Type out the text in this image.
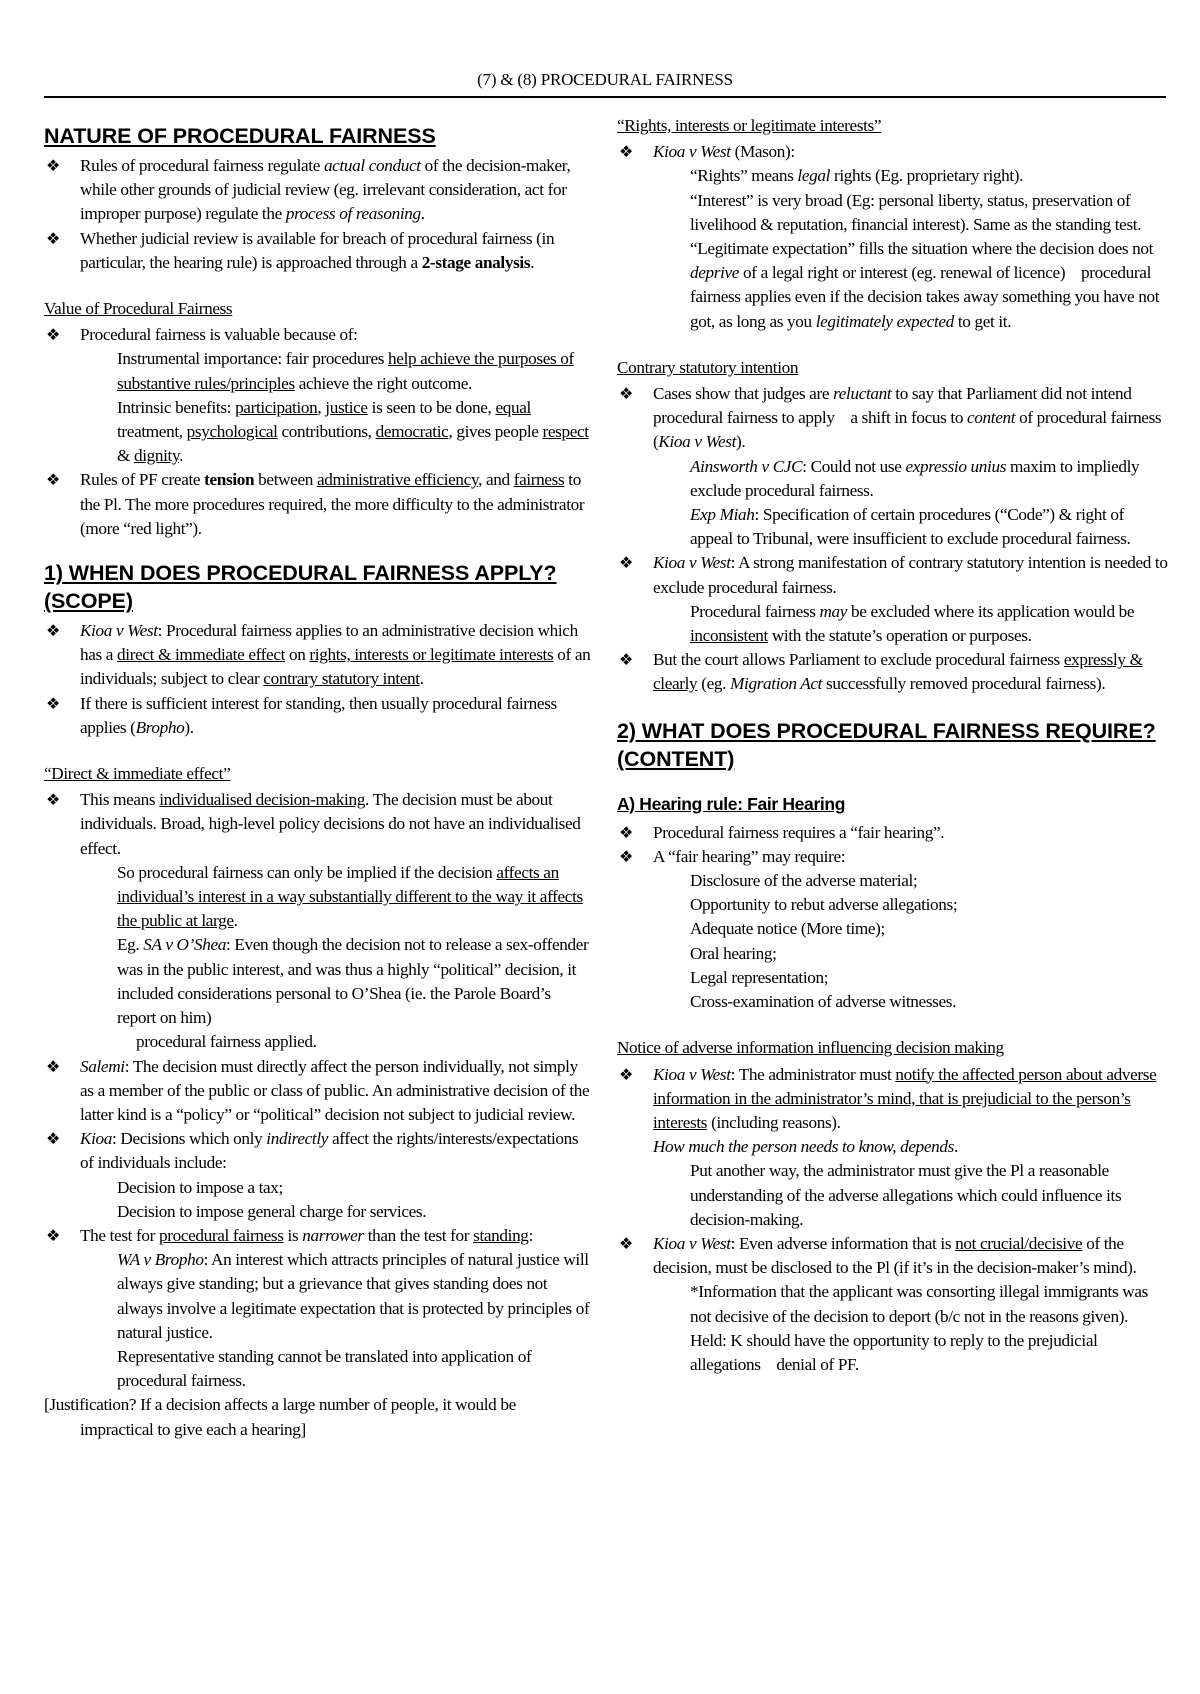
(7) & (8) PROCEDURAL FAIRNESS
NATURE OF PROCEDURAL FAIRNESS
❖ Rules of procedural fairness regulate actual conduct of the decision-maker, while other grounds of judicial review (eg. irrelevant consideration, act for improper purpose) regulate the process of reasoning.
❖ Whether judicial review is available for breach of procedural fairness (in particular, the hearing rule) is approached through a 2-stage analysis.
Value of Procedural Fairness
❖ Procedural fairness is valuable because of:
Instrumental importance: fair procedures help achieve the purposes of substantive rules/principles achieve the right outcome.
Intrinsic benefits: participation, justice is seen to be done, equal treatment, psychological contributions, democratic, gives people respect & dignity.
❖ Rules of PF create tension between administrative efficiency, and fairness to the Pl. The more procedures required, the more difficulty to the administrator (more “red light”).
1) WHEN DOES PROCEDURAL FAIRNESS APPLY? (SCOPE)
❖ Kioa v West: Procedural fairness applies to an administrative decision which has a direct & immediate effect on rights, interests or legitimate interests of an individuals; subject to clear contrary statutory intent.
❖ If there is sufficient interest for standing, then usually procedural fairness applies (Bropho).
“Direct & immediate effect”
❖ This means individualised decision-making. The decision must be about individuals. Broad, high-level policy decisions do not have an individualised effect.
So procedural fairness can only be implied if the decision affects an individual’s interest in a way substantially different to the way it affects the public at large.
Eg. SA v O’Shea: Even though the decision not to release a sex-offender was in the public interest, and was thus a highly “political” decision, it included considerations personal to O’Shea (ie. the Parole Board’s report on him)
procedural fairness applied.
❖ Salemi: The decision must directly affect the person individually, not simply as a member of the public or class of public. An administrative decision of the latter kind is a “policy” or “political” decision not subject to judicial review.
❖ Kioa: Decisions which only indirectly affect the rights/interests/expectations of individuals include:
Decision to impose a tax;
Decision to impose general charge for services.
❖ The test for procedural fairness is narrower than the test for standing:
WA v Bropho: An interest which attracts principles of natural justice will always give standing; but a grievance that gives standing does not always involve a legitimate expectation that is protected by principles of natural justice.
Representative standing cannot be translated into application of procedural fairness.
[Justification? If a decision affects a large number of people, it would be impractical to give each a hearing]
“Rights, interests or legitimate interests”
❖ Kioa v West (Mason):
“Rights” means legal rights (Eg. proprietary right).
“Interest” is very broad (Eg: personal liberty, status, preservation of livelihood & reputation, financial interest). Same as the standing test.
“Legitimate expectation” fills the situation where the decision does not deprive of a legal right or interest (eg. renewal of licence) procedural fairness applies even if the decision takes away something you have not got, as long as you legitimately expected to get it.
Contrary statutory intention
❖ Cases show that judges are reluctant to say that Parliament did not intend procedural fairness to apply a shift in focus to content of procedural fairness (Kioa v West).
Ainsworth v CJC: Could not use expressio unius maxim to impliedly exclude procedural fairness.
Exp Miah: Specification of certain procedures (“Code”) & right of appeal to Tribunal, were insufficient to exclude procedural fairness.
❖ Kioa v West: A strong manifestation of contrary statutory intention is needed to exclude procedural fairness.
Procedural fairness may be excluded where its application would be inconsistent with the statute’s operation or purposes.
❖ But the court allows Parliament to exclude procedural fairness expressly & clearly (eg. Migration Act successfully removed procedural fairness).
2) WHAT DOES PROCEDURAL FAIRNESS REQUIRE? (CONTENT)
A) Hearing rule: Fair Hearing
❖ Procedural fairness requires a “fair hearing”.
❖ A “fair hearing” may require:
Disclosure of the adverse material;
Opportunity to rebut adverse allegations;
Adequate notice (More time);
Oral hearing;
Legal representation;
Cross-examination of adverse witnesses.
Notice of adverse information influencing decision making
❖ Kioa v West: The administrator must notify the affected person about adverse information in the administrator’s mind, that is prejudicial to the person’s interests (including reasons).
How much the person needs to know, depends.
Put another way, the administrator must give the Pl a reasonable understanding of the adverse allegations which could influence its decision-making.
❖ Kioa v West: Even adverse information that is not crucial/decisive of the decision, must be disclosed to the Pl (if it’s in the decision-maker’s mind).
*Information that the applicant was consorting illegal immigrants was not decisive of the decision to deport (b/c not in the reasons given).
Held: K should have the opportunity to reply to the prejudicial allegations denial of PF.
